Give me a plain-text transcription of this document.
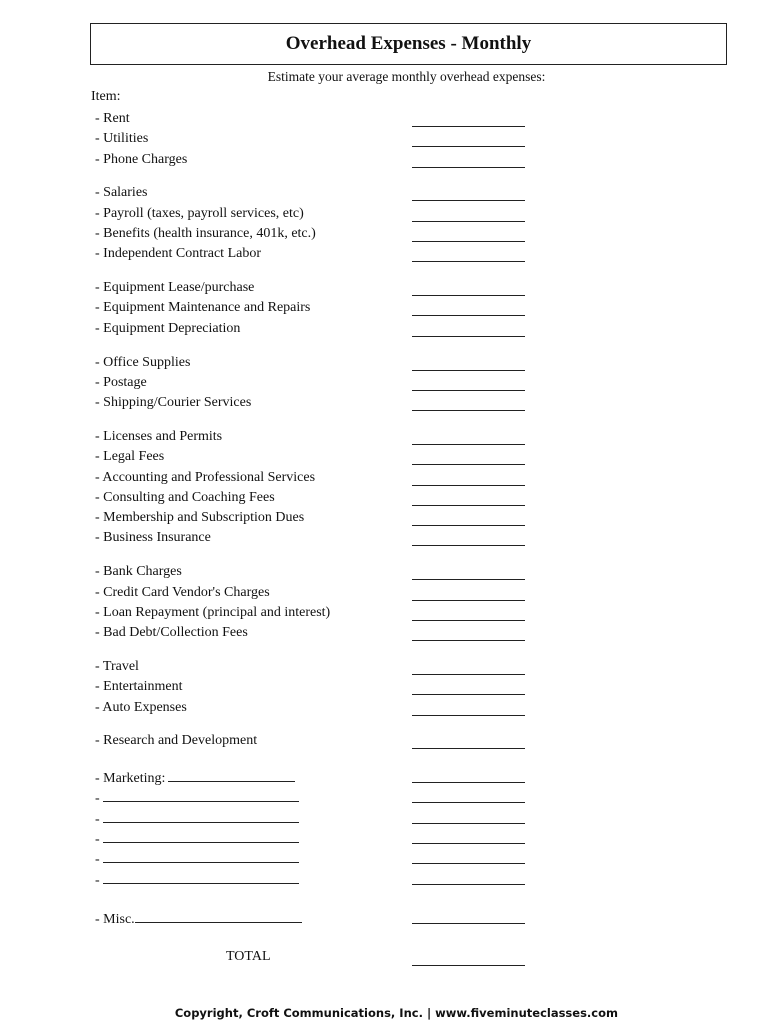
Overhead Expenses - Monthly
Estimate your average monthly overhead expenses:
Item:
- Rent
- Utilities
- Phone Charges
- Salaries
- Payroll (taxes, payroll services, etc)
- Benefits (health insurance, 401k, etc.)
- Independent Contract Labor
- Equipment Lease/purchase
- Equipment Maintenance and Repairs
- Equipment Depreciation
- Office Supplies
- Postage
- Shipping/Courier Services
- Licenses and Permits
- Legal Fees
- Accounting and Professional Services
- Consulting and Coaching Fees
- Membership and Subscription Dues
- Business Insurance
- Bank Charges
- Credit Card Vendor's Charges
- Loan Repayment (principal and interest)
- Bad Debt/Collection Fees
- Travel
- Entertainment
- Auto Expenses
- Research and Development
- Marketing:
-
-
-
-
-
- Misc.
TOTAL
Copyright, Croft Communications, Inc. | www.fiveminuteclasses.com
